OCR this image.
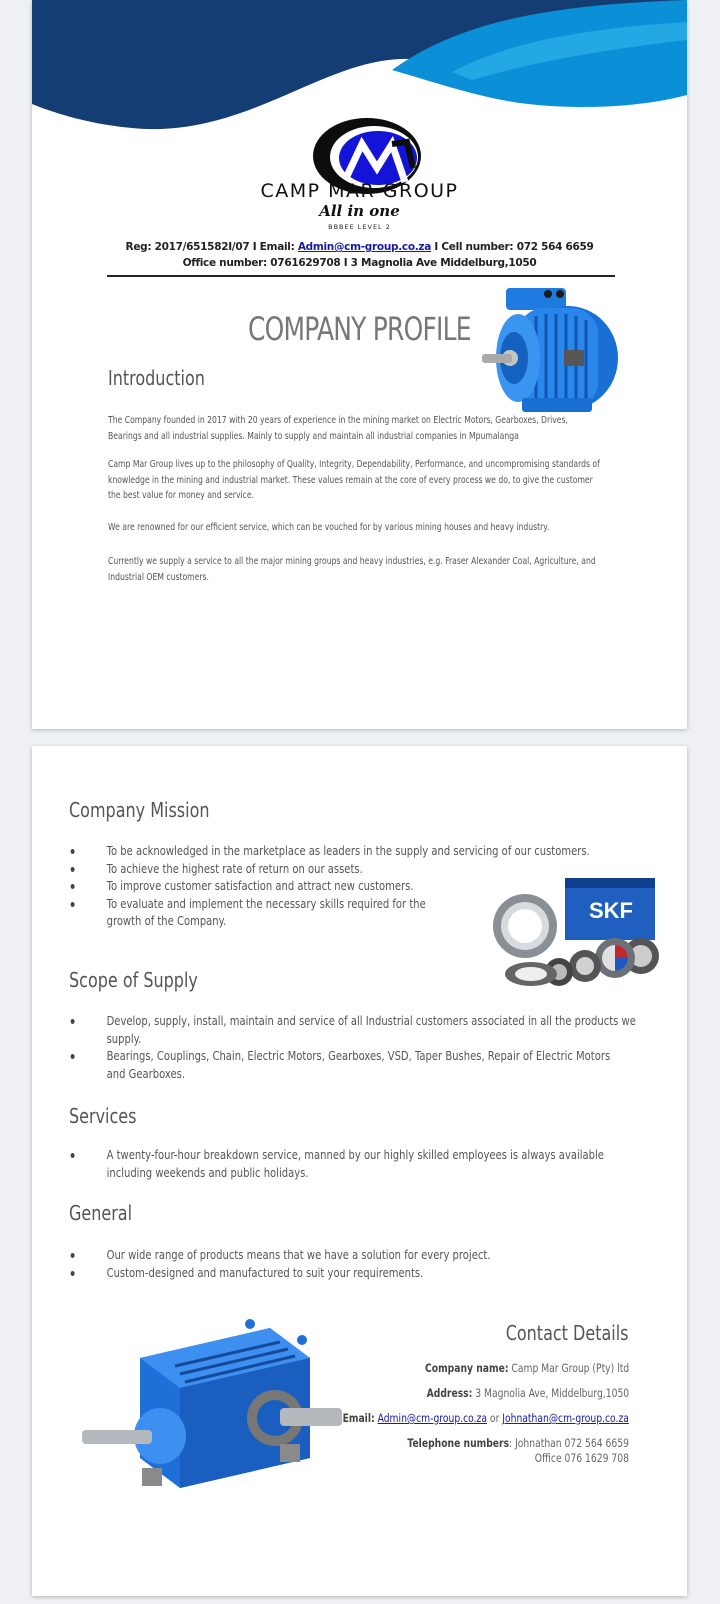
CAMP MAR GROUP
All in one
BBBEE LEVEL 2
Reg: 2017/651582I/07 I Email: Admin@cm-group.co.za I Cell number: 072 564 6659
Office number: 0761629708 I 3 Magnolia Ave Middelburg,1050
COMPANY PROFILE
Introduction
The Company founded in 2017 with 20 years of experience in the mining market on Electric Motors, Gearboxes, Drives, Bearings and all industrial supplies. Mainly to supply and maintain all industrial companies in Mpumalanga
Camp Mar Group lives up to the philosophy of Quality, Integrity, Dependability, Performance, and uncompromising standards of knowledge in the mining and industrial market. These values remain at the core of every process we do, to give the customer the best value for money and service.
We are renowned for our efficient service, which can be vouched for by various mining houses and heavy industry.
Currently we supply a service to all the major mining groups and heavy industries, e.g. Fraser Alexander Coal, Agriculture, and Industrial OEM customers.
Company Mission
To be acknowledged in the marketplace as leaders in the supply and servicing of our customers.
To achieve the highest rate of return on our assets.
To improve customer satisfaction and attract new customers.
To evaluate and implement the necessary skills required for the growth of the Company.	SKF
Scope of Supply
Develop, supply, install, maintain and service of all Industrial customers associated in all the products we supply.
Bearings, Couplings, Chain, Electric Motors, Gearboxes, VSD, Taper Bushes, Repair of Electric Motors and Gearboxes.
Services
A twenty-four-hour breakdown service, manned by our highly skilled employees is always available including weekends and public holidays.
General
Our wide range of products means that we have a solution for every project.
Custom-designed and manufactured to suit your requirements.
Contact Details
Company name: Camp Mar Group (Pty) ltd
Address: 3 Magnolia Ave, Middelburg,1050
Email: Admin@cm-group.co.za or Johnathan@cm-group.co.za
Telephone numbers: Johnathan 072 564 6659
Office 076 1629 708
